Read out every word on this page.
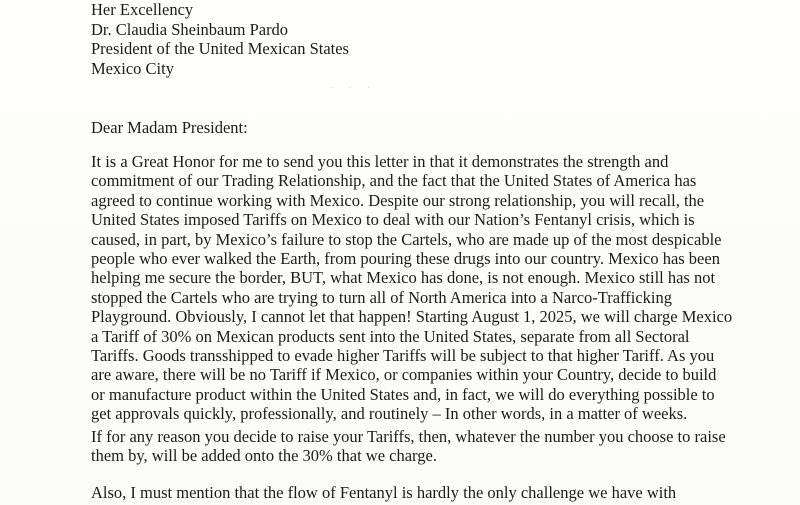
· · ·
Her Excellency
Dr. Claudia Sheinbaum Pardo
President of the United Mexican States
Mexico City
Dear Madam President:
It is a Great Honor for me to send you this letter in that it demonstrates the strength and
commitment of our Trading Relationship, and the fact that the United States of America has
agreed to continue working with Mexico. Despite our strong relationship, you will recall, the
United States imposed Tariffs on Mexico to deal with our Nation’s Fentanyl crisis, which is
caused, in part, by Mexico’s failure to stop the Cartels, who are made up of the most despicable
people who ever walked the Earth, from pouring these drugs into our country. Mexico has been
helping me secure the border, BUT, what Mexico has done, is not enough. Mexico still has not
stopped the Cartels who are trying to turn all of North America into a Narco-Trafficking
Playground. Obviously, I cannot let that happen! Starting August 1, 2025, we will charge Mexico
a Tariff of 30% on Mexican products sent into the United States, separate from all Sectoral
Tariffs. Goods transshipped to evade higher Tariffs will be subject to that higher Tariff. As you
are aware, there will be no Tariff if Mexico, or companies within your Country, decide to build
or manufacture product within the United States and, in fact, we will do everything possible to
get approvals quickly, professionally, and routinely – In other words, in a matter of weeks.
If for any reason you decide to raise your Tariffs, then, whatever the number you choose to raise
them by, will be added onto the 30% that we charge.
Also, I must mention that the flow of Fentanyl is hardly the only challenge we have with
